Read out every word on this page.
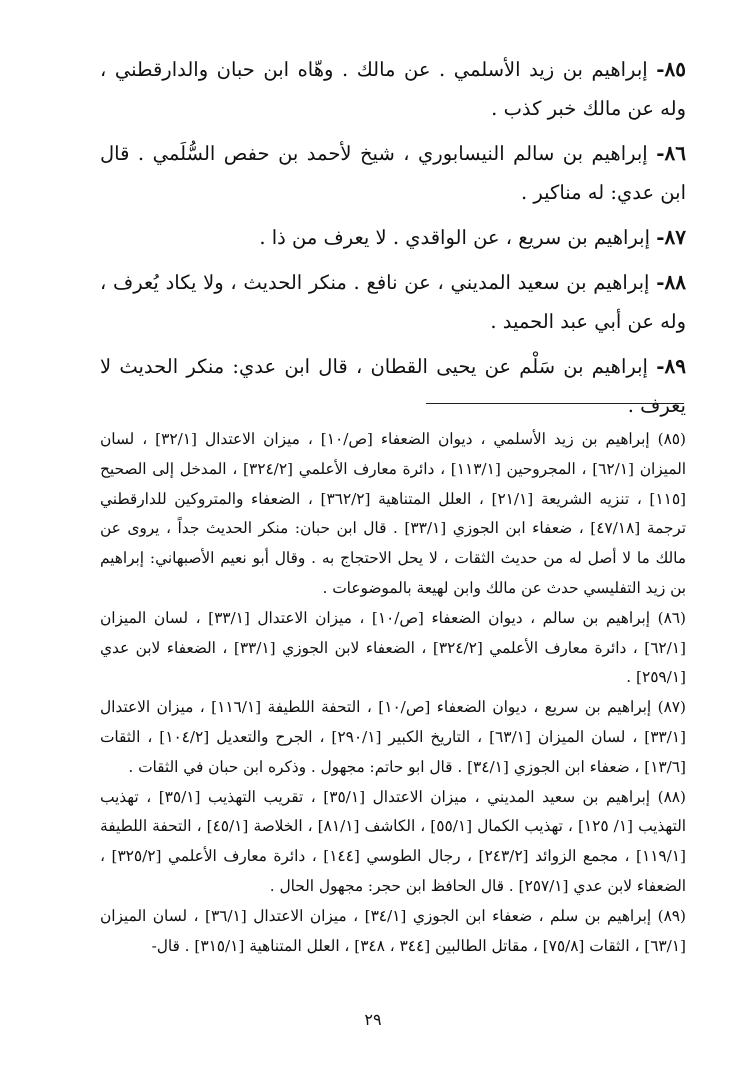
٨٥- إبراهيم بن زيد الأسلمي . عن مالك . وهّاه ابن حبان والدارقطني ، وله عن مالك خبر كذب .

٨٦- إبراهيم بن سالم النيسابوري ، شيخ لأحمد بن حفص السُّلَمي . قال ابن عدي: له مناكير .

٨٧- إبراهيم بن سريع ، عن الواقدي . لا يعرف من ذا .

٨٨- إبراهيم بن سعيد المديني ، عن نافع . منكر الحديث ، ولا يكاد يُعرف ، وله عن أبي عبد الحميد .

٨٩- إبراهيم بن سَلْم عن يحيى القطان ، قال ابن عدي: منكر الحديث لا يعرف .

(٨٥) إبراهيم بن زيد الأسلمي ، ديوان الضعفاء [ص/١٠] ، ميزان الاعتدال [٣٢/١] ، لسان الميزان [٦٢/١] ، المجروحين [١١٣/١] ، دائرة معارف الأعلمي [٣٢٤/٢] ، المدخل إلى الصحيح [١١٥] ، تنزيه الشريعة [٢١/١] ، العلل المتناهية [٣٦٢/٢] ، الضعفاء والمتروكين للدارقطني ترجمة [٤٧/١٨] ، ضعفاء ابن الجوزي [٣٣/١] . قال ابن حبان: منكر الحديث جداً ، يروى عن مالك ما لا أصل له من حديث الثقات ، لا يحل الاحتجاج به . وقال أبو نعيم الأصبهاني: إبراهيم بن زيد التفليسي حدث عن مالك وابن لهيعة بالموضوعات .

(٨٦) إبراهيم بن سالم ، ديوان الضعفاء [ص/١٠] ، ميزان الاعتدال [٣٣/١] ، لسان الميزان [٦٢/١] ، دائرة معارف الأعلمي [٣٢٤/٢] ، الضعفاء لابن الجوزي [٣٣/١] ، الضعفاء لابن عدي [٢٥٩/١] .

(٨٧) إبراهيم بن سريع ، ديوان الضعفاء [ص/١٠] ، التحفة اللطيفة [١١٦/١] ، ميزان الاعتدال [٣٣/١] ، لسان الميزان [٦٣/١] ، التاريخ الكبير [٢٩٠/١] ، الجرح والتعديل [١٠٤/٢] ، الثقات [١٣/٦] ، ضعفاء ابن الجوزي [٣٤/١] . قال ابو حاتم: مجهول . وذكره ابن حبان في الثقات .

(٨٨) إبراهيم بن سعيد المديني ، ميزان الاعتدال [٣٥/١] ، تقريب التهذيب [٣٥/١] ، تهذيب التهذيب [١/ ١٢٥] ، تهذيب الكمال [٥٥/١] ، الكاشف [٨١/١] ، الخلاصة [٤٥/١] ، التحفة اللطيفة [١١٩/١] ، مجمع الزوائد [٢٤٣/٢] ، رجال الطوسي [١٤٤] ، دائرة معارف الأعلمي [٣٢٥/٢] ، الضعفاء لابن عدي [٢٥٧/١] . قال الحافظ ابن حجر: مجهول الحال .

(٨٩) إبراهيم بن سلم ، ضعفاء ابن الجوزي [٣٤/١] ، ميزان الاعتدال [٣٦/١] ، لسان الميزان [٦٣/١] ، الثقات [٧٥/٨] ، مقاتل الطالبين [٣٤٤ ، ٣٤٨] ، العلل المتناهية [٣١٥/١] . قال-

٢٩
